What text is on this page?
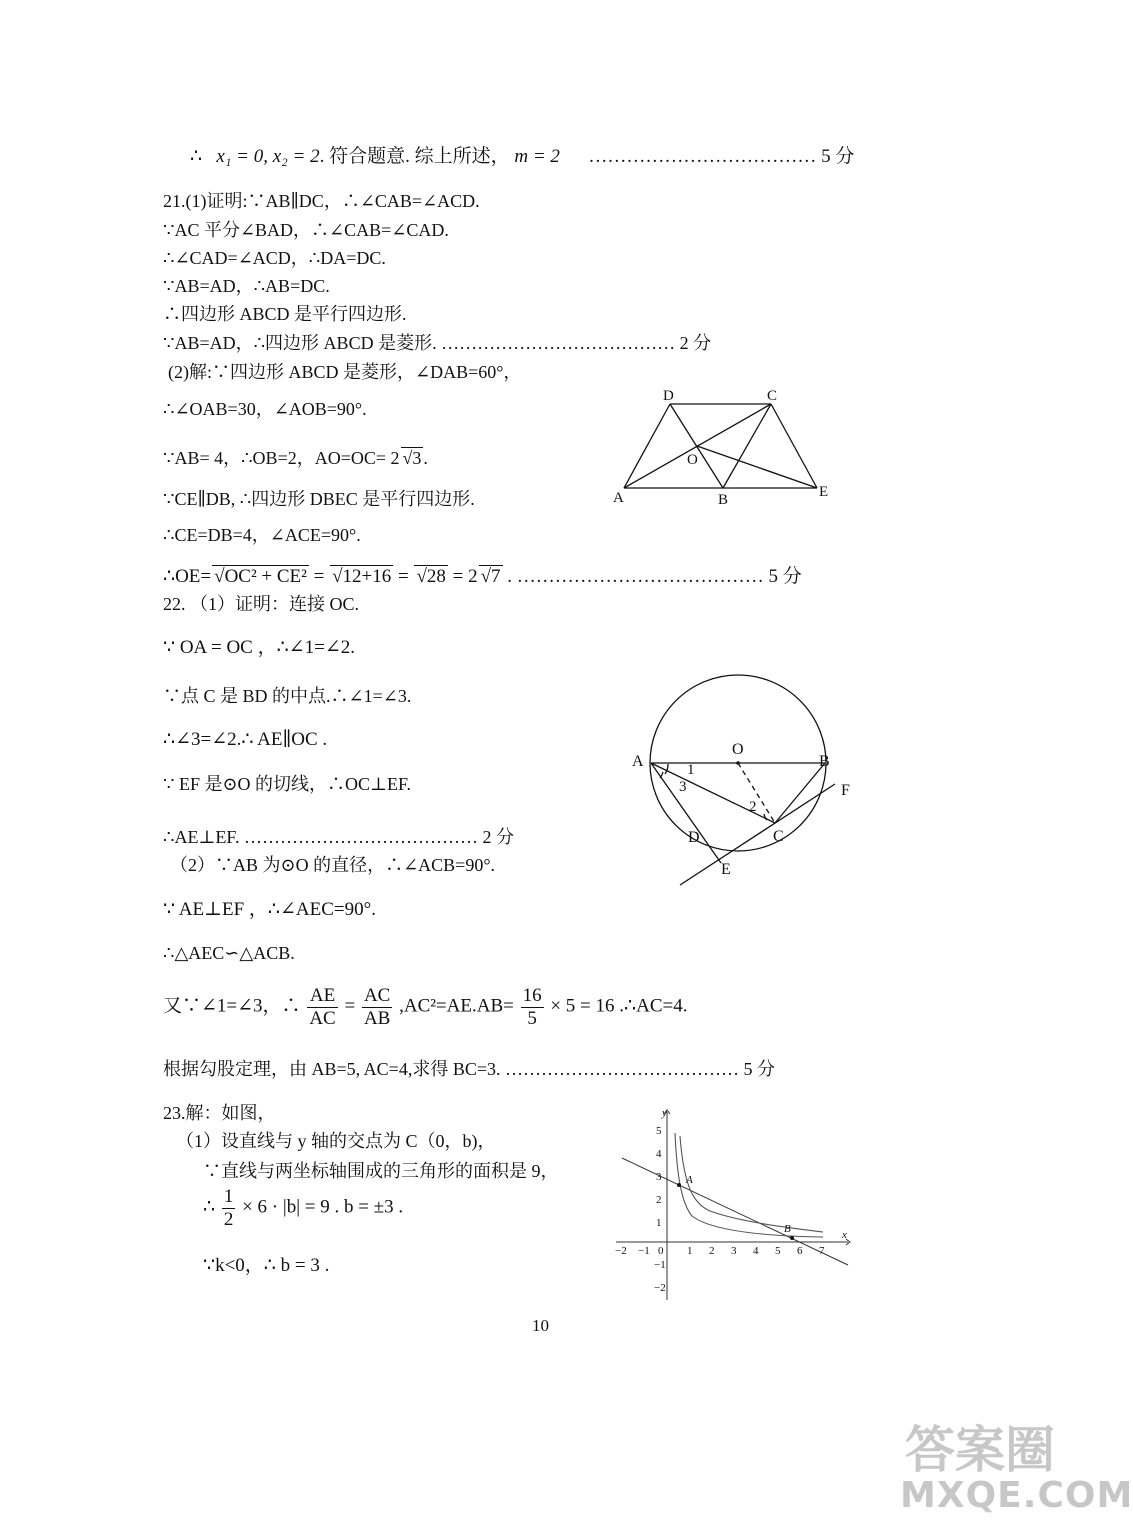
∴ x₁ = 0, x₂ = 2. 符合题意. 综上所述， m = 2 ……………………………… 5 分
21.(1)证明:∵AB∥DC，∴∠CAB=∠ACD.
∵AC 平分∠BAD，∴∠CAB=∠CAD.
∴∠CAD=∠ACD，∴DA=DC.
∵AB=AD，∴AB=DC.
∴四边形 ABCD 是平行四边形.
∵AB=AD，∴四边形 ABCD 是菱形. ………………………………… 2 分
(2)解:∵四边形 ABCD 是菱形，∠DAB=60°，
∴∠OAB=30，∠AOB=90°.
∵AB= 4，∴OB=2，AO=OC= 2 √3 .
∵CE∥DB, ∴四边形 DBEC 是平行四边形.
∴CE=DB=4，∠ACE=90°.
∴OE= √OC² + CE² = √12+16 = √28 = 2 √7 . ………………………………… 5 分
A	B
C
D
E
O
22. （1）证明：连接 OC.
∵ OA = OC ，∴∠1=∠2.
∵点 C 是 BD 的中点.∴∠1=∠3.
∴∠3=∠2.∴ AE∥OC .
∵ EF 是⊙O 的切线，∴OC⊥EF.
∴AE⊥EF. ………………………………… 2 分
（2）∵AB 为⊙O 的直径，∴∠ACB=90°.
∵ AE⊥EF ，∴∠AEC=90°.
∴△AEC∽△ACB.
又∵∠1=∠3，∴ $\frac{AE}{AC} = \frac{AC}{AB} ,AC^2=AE.AB= \frac{16}{5} \times 5 = 16$ .∴AC=4.
根据勾股定理，由 AB=5, AC=4,求得 BC=3. ………………………………… 5 分
A	B
C
D
E
F
O
1
2
3
23.解：如图，
（1）设直线与 y 轴的交点为 C（0，b)，
∵直线与两坐标轴围成的三角形的面积是 9，
∴ $\frac{1}{2} \times 6 \cdot |b| = 9$ . b = ±3 .
∵k<0，∴ b = 3 .
−2 −1 0 1 2 3 4 5 6 7
5
4
3
2
1
−1
−2
y
x
A
B
10
答案圈
MXQE.COM
